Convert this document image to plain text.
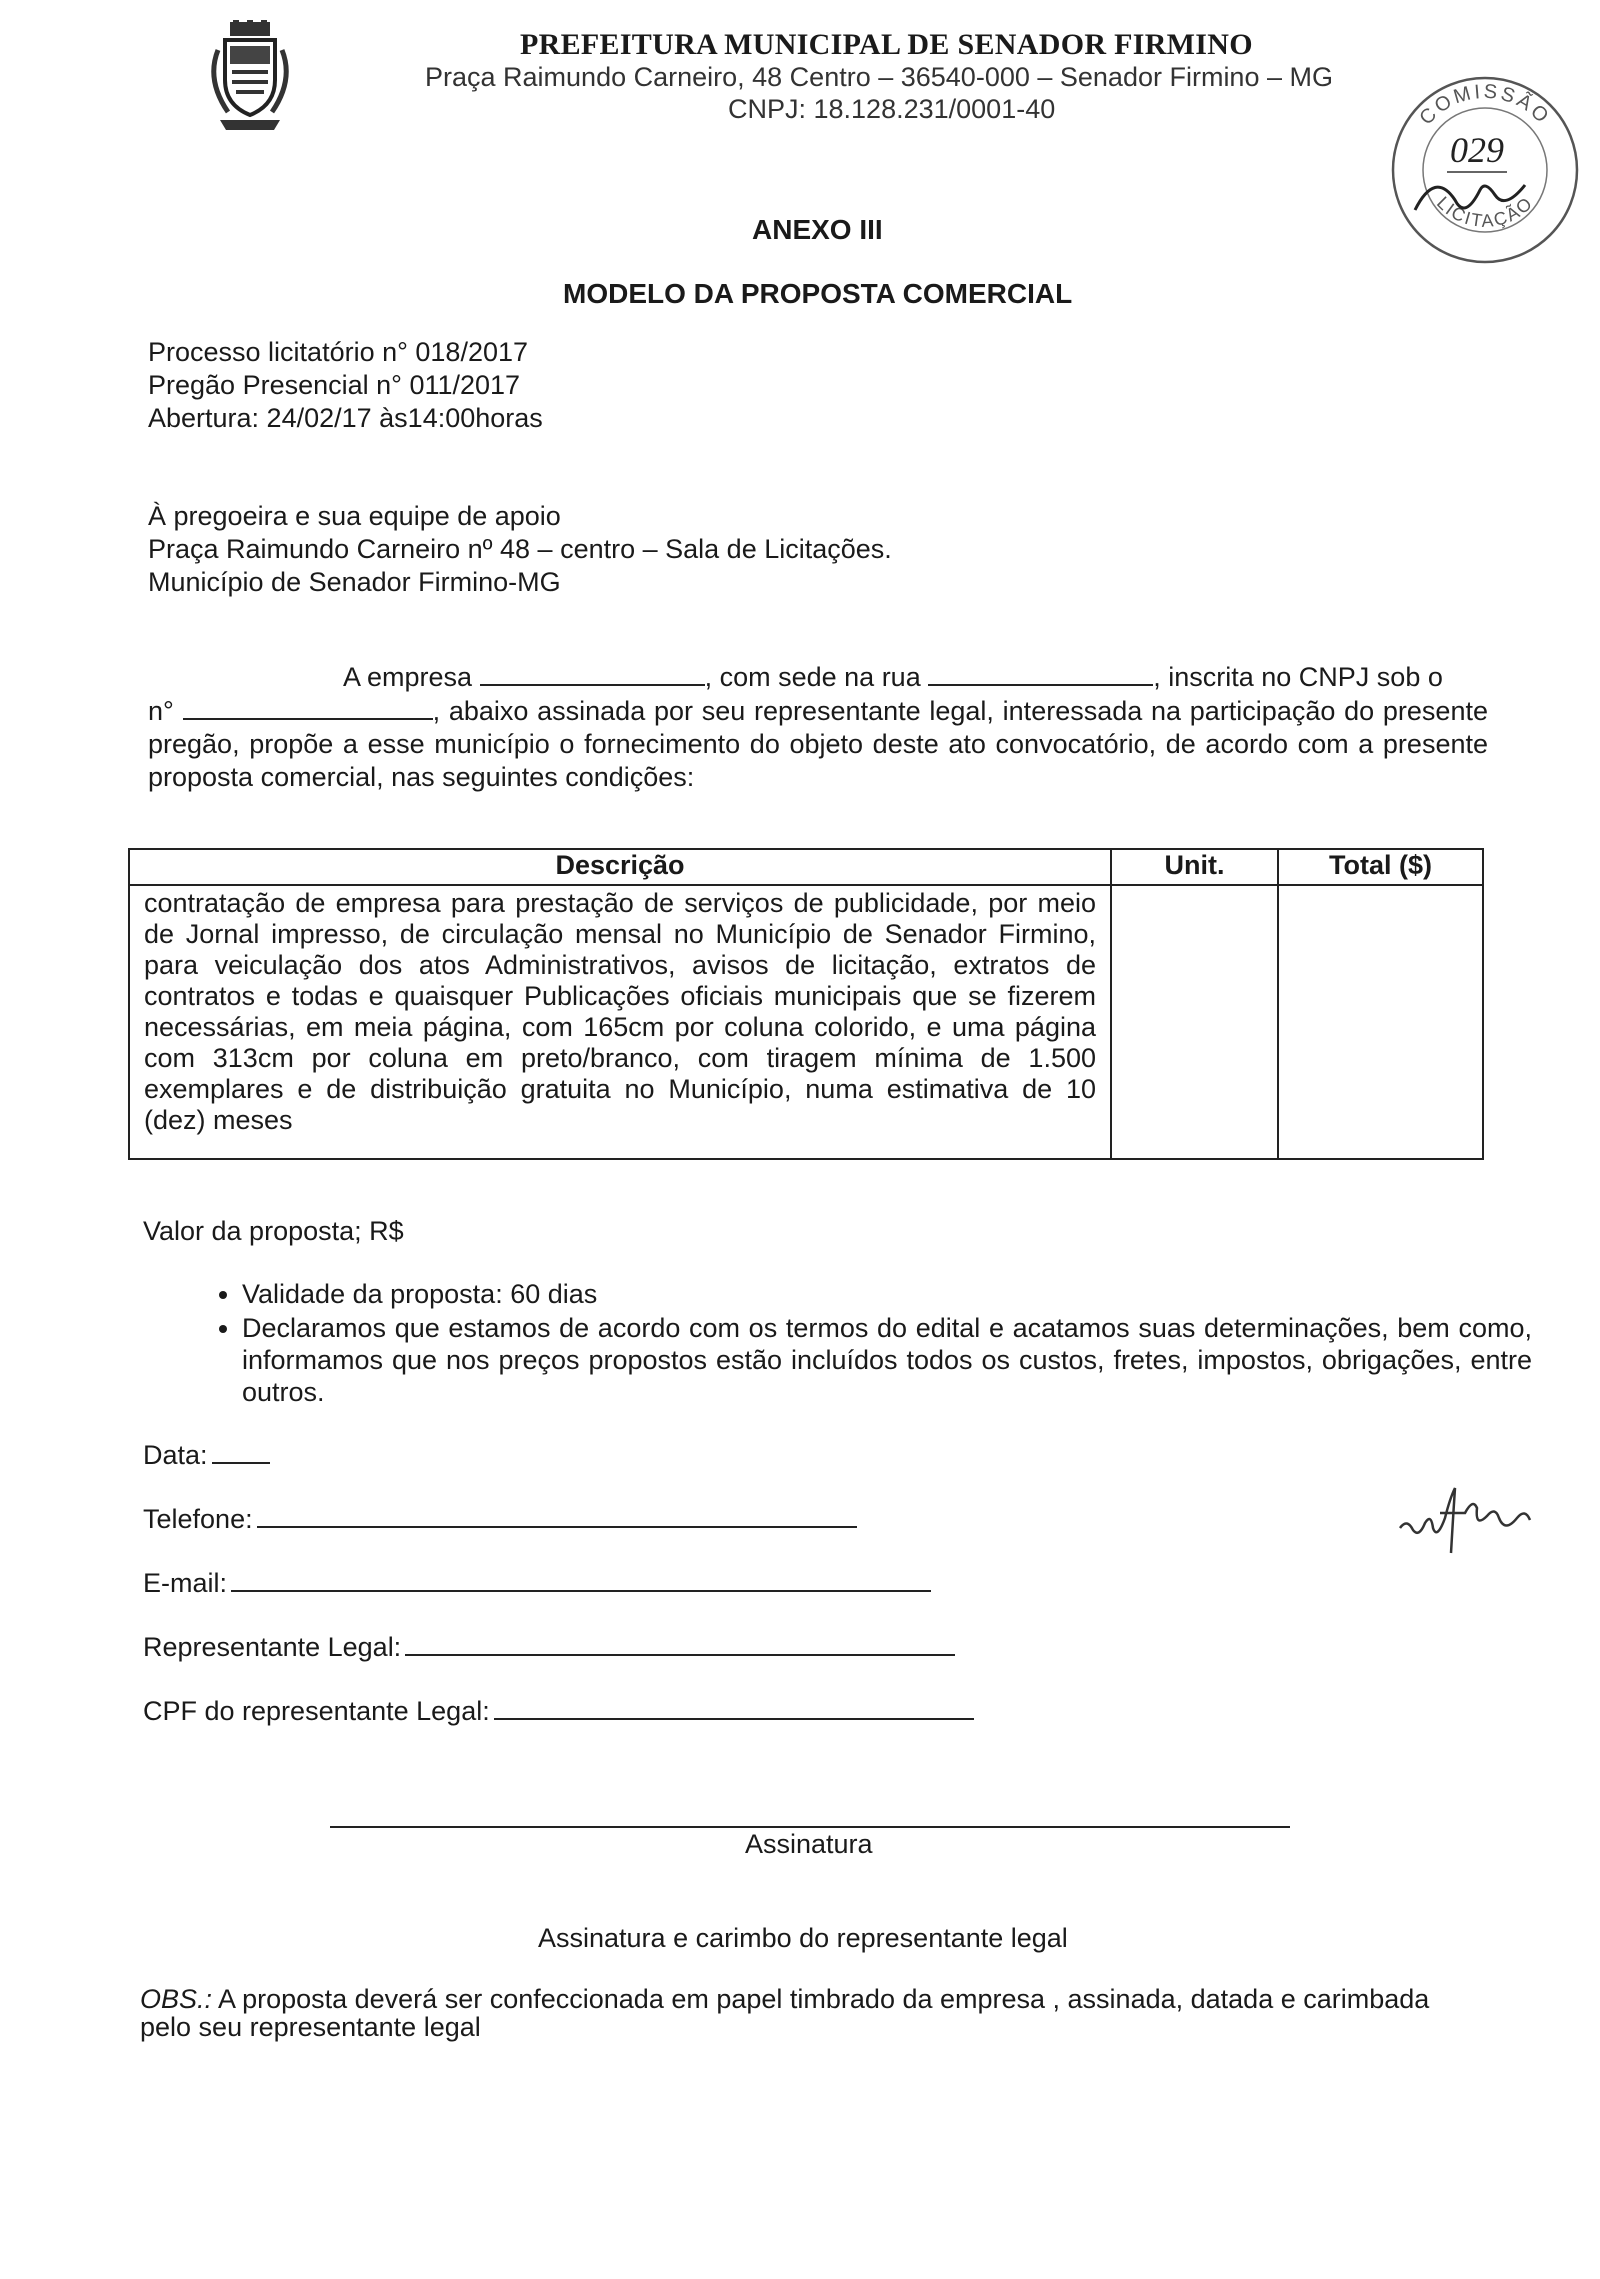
PREFEITURA MUNICIPAL DE SENADOR FIRMINO
Praça Raimundo Carneiro, 48 Centro – 36540-000 – Senador Firmino – MG
CNPJ: 18.128.231/0001-40	COMISSÃO
LICITAÇÃO
029
ANEXO III
MODELO DA PROPOSTA COMERCIAL
Processo licitatório n° 018/2017
Pregão Presencial n° 011/2017
Abertura: 24/02/17 às14:00horas
À pregoeira e sua equipe de apoio
Praça Raimundo Carneiro nº 48 – centro – Sala de Licitações.
Município de Senador Firmino-MG
A empresa	, com sede na rua	, inscrita no CNPJ sob o
n°	, abaixo assinada por seu representante legal, interessada na participação do presente pregão, propõe a esse município o fornecimento do objeto deste ato convocatório, de acordo com a presente proposta comercial, nas seguintes condições:
Descrição	Unit.	Total ($)
contratação de empresa para prestação de serviços de publicidade, por meio de Jornal impresso, de circulação mensal no Município de Senador Firmino, para veiculação dos atos Administrativos, avisos de licitação, extratos de contratos e todas e quaisquer Publicações oficiais municipais que se fizerem necessárias, em meia página, com 165cm por coluna colorido, e uma página com 313cm por coluna em preto/branco, com tiragem mínima de 1.500 exemplares e de distribuição gratuita no Município, numa estimativa de 10 (dez) meses		
Valor da proposta; R$
• Validade da proposta: 60 dias
• Declaramos que estamos de acordo com os termos do edital e acatamos suas determinações, bem como, informamos que nos preços propostos estão incluídos todos os custos, fretes, impostos, obrigações, entre outros.
Data:
Telefone:
E-mail:
Representante Legal:
CPF do representante Legal:
Assinatura
Assinatura e carimbo do representante legal
OBS.: A proposta deverá ser confeccionada em papel timbrado da empresa , assinada, datada e carimbada pelo seu representante legal
